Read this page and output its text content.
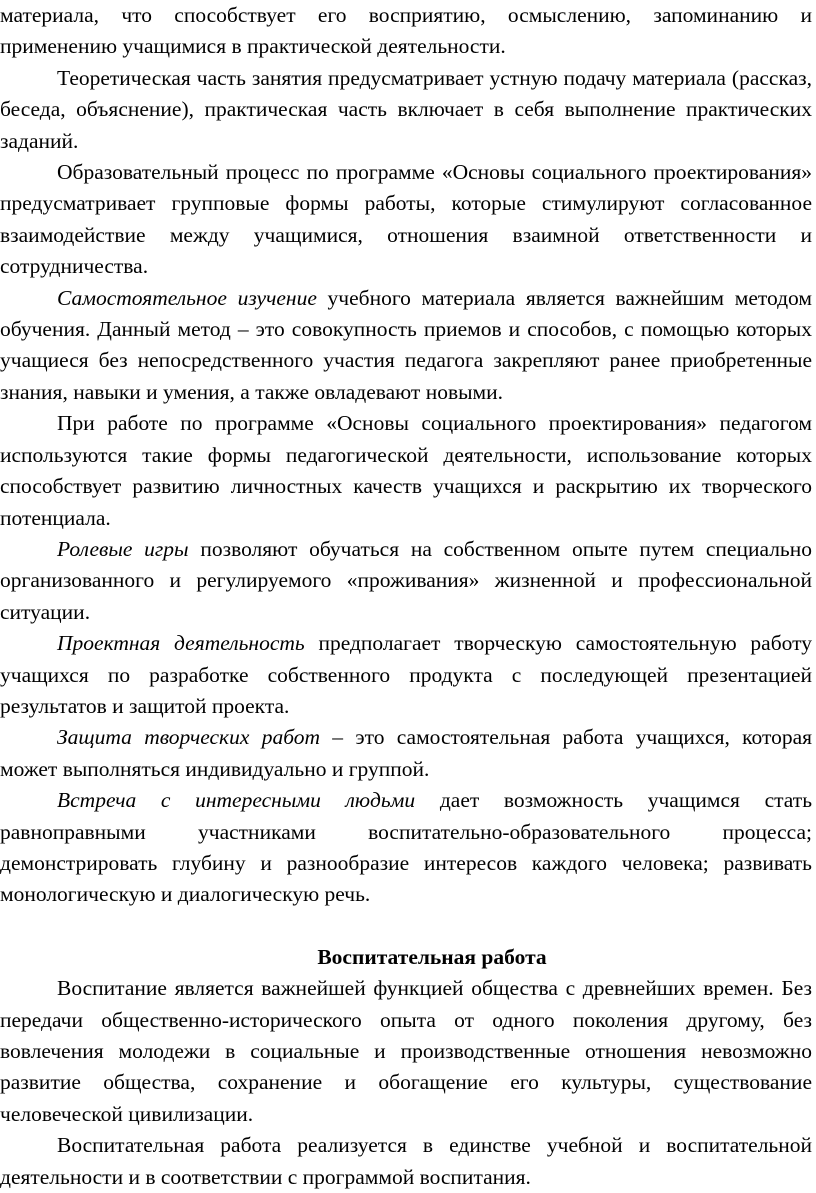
материала, что способствует его восприятию, осмыслению, запоминанию и применению учащимися в практической деятельности.

Теоретическая часть занятия предусматривает устную подачу материала (рассказ, беседа, объяснение), практическая часть включает в себя выполнение практических заданий.

Образовательный процесс по программе «Основы социального проектирования» предусматривает групповые формы работы, которые стимулируют согласованное взаимодействие между учащимися, отношения взаимной ответственности и сотрудничества.

Самостоятельное изучение учебного материала является важнейшим методом обучения. Данный метод – это совокупность приемов и способов, с помощью которых учащиеся без непосредственного участия педагога закрепляют ранее приобретенные знания, навыки и умения, а также овладевают новыми.

При работе по программе «Основы социального проектирования» педагогом используются такие формы педагогической деятельности, использование которых способствует развитию личностных качеств учащихся и раскрытию их творческого потенциала.

Ролевые игры позволяют обучаться на собственном опыте путем специально организованного и регулируемого «проживания» жизненной и профессиональной ситуации.

Проектная деятельность предполагает творческую самостоятельную работу учащихся по разработке собственного продукта с последующей презентацией результатов и защитой проекта.

Защита творческих работ – это самостоятельная работа учащихся, которая может выполняться индивидуально и группой.

Встреча с интересными людьми дает возможность учащимся стать равноправными участниками воспитательно-образовательного процесса; демонстрировать глубину и разнообразие интересов каждого человека; развивать монологическую и диалогическую речь.

Воспитательная работа

Воспитание является важнейшей функцией общества с древнейших времен. Без передачи общественно-исторического опыта от одного поколения другому, без вовлечения молодежи в социальные и производственные отношения невозможно развитие общества, сохранение и обогащение его культуры, существование человеческой цивилизации.

Воспитательная работа реализуется в единстве учебной и воспитательной деятельности и в соответствии с программой воспитания.
